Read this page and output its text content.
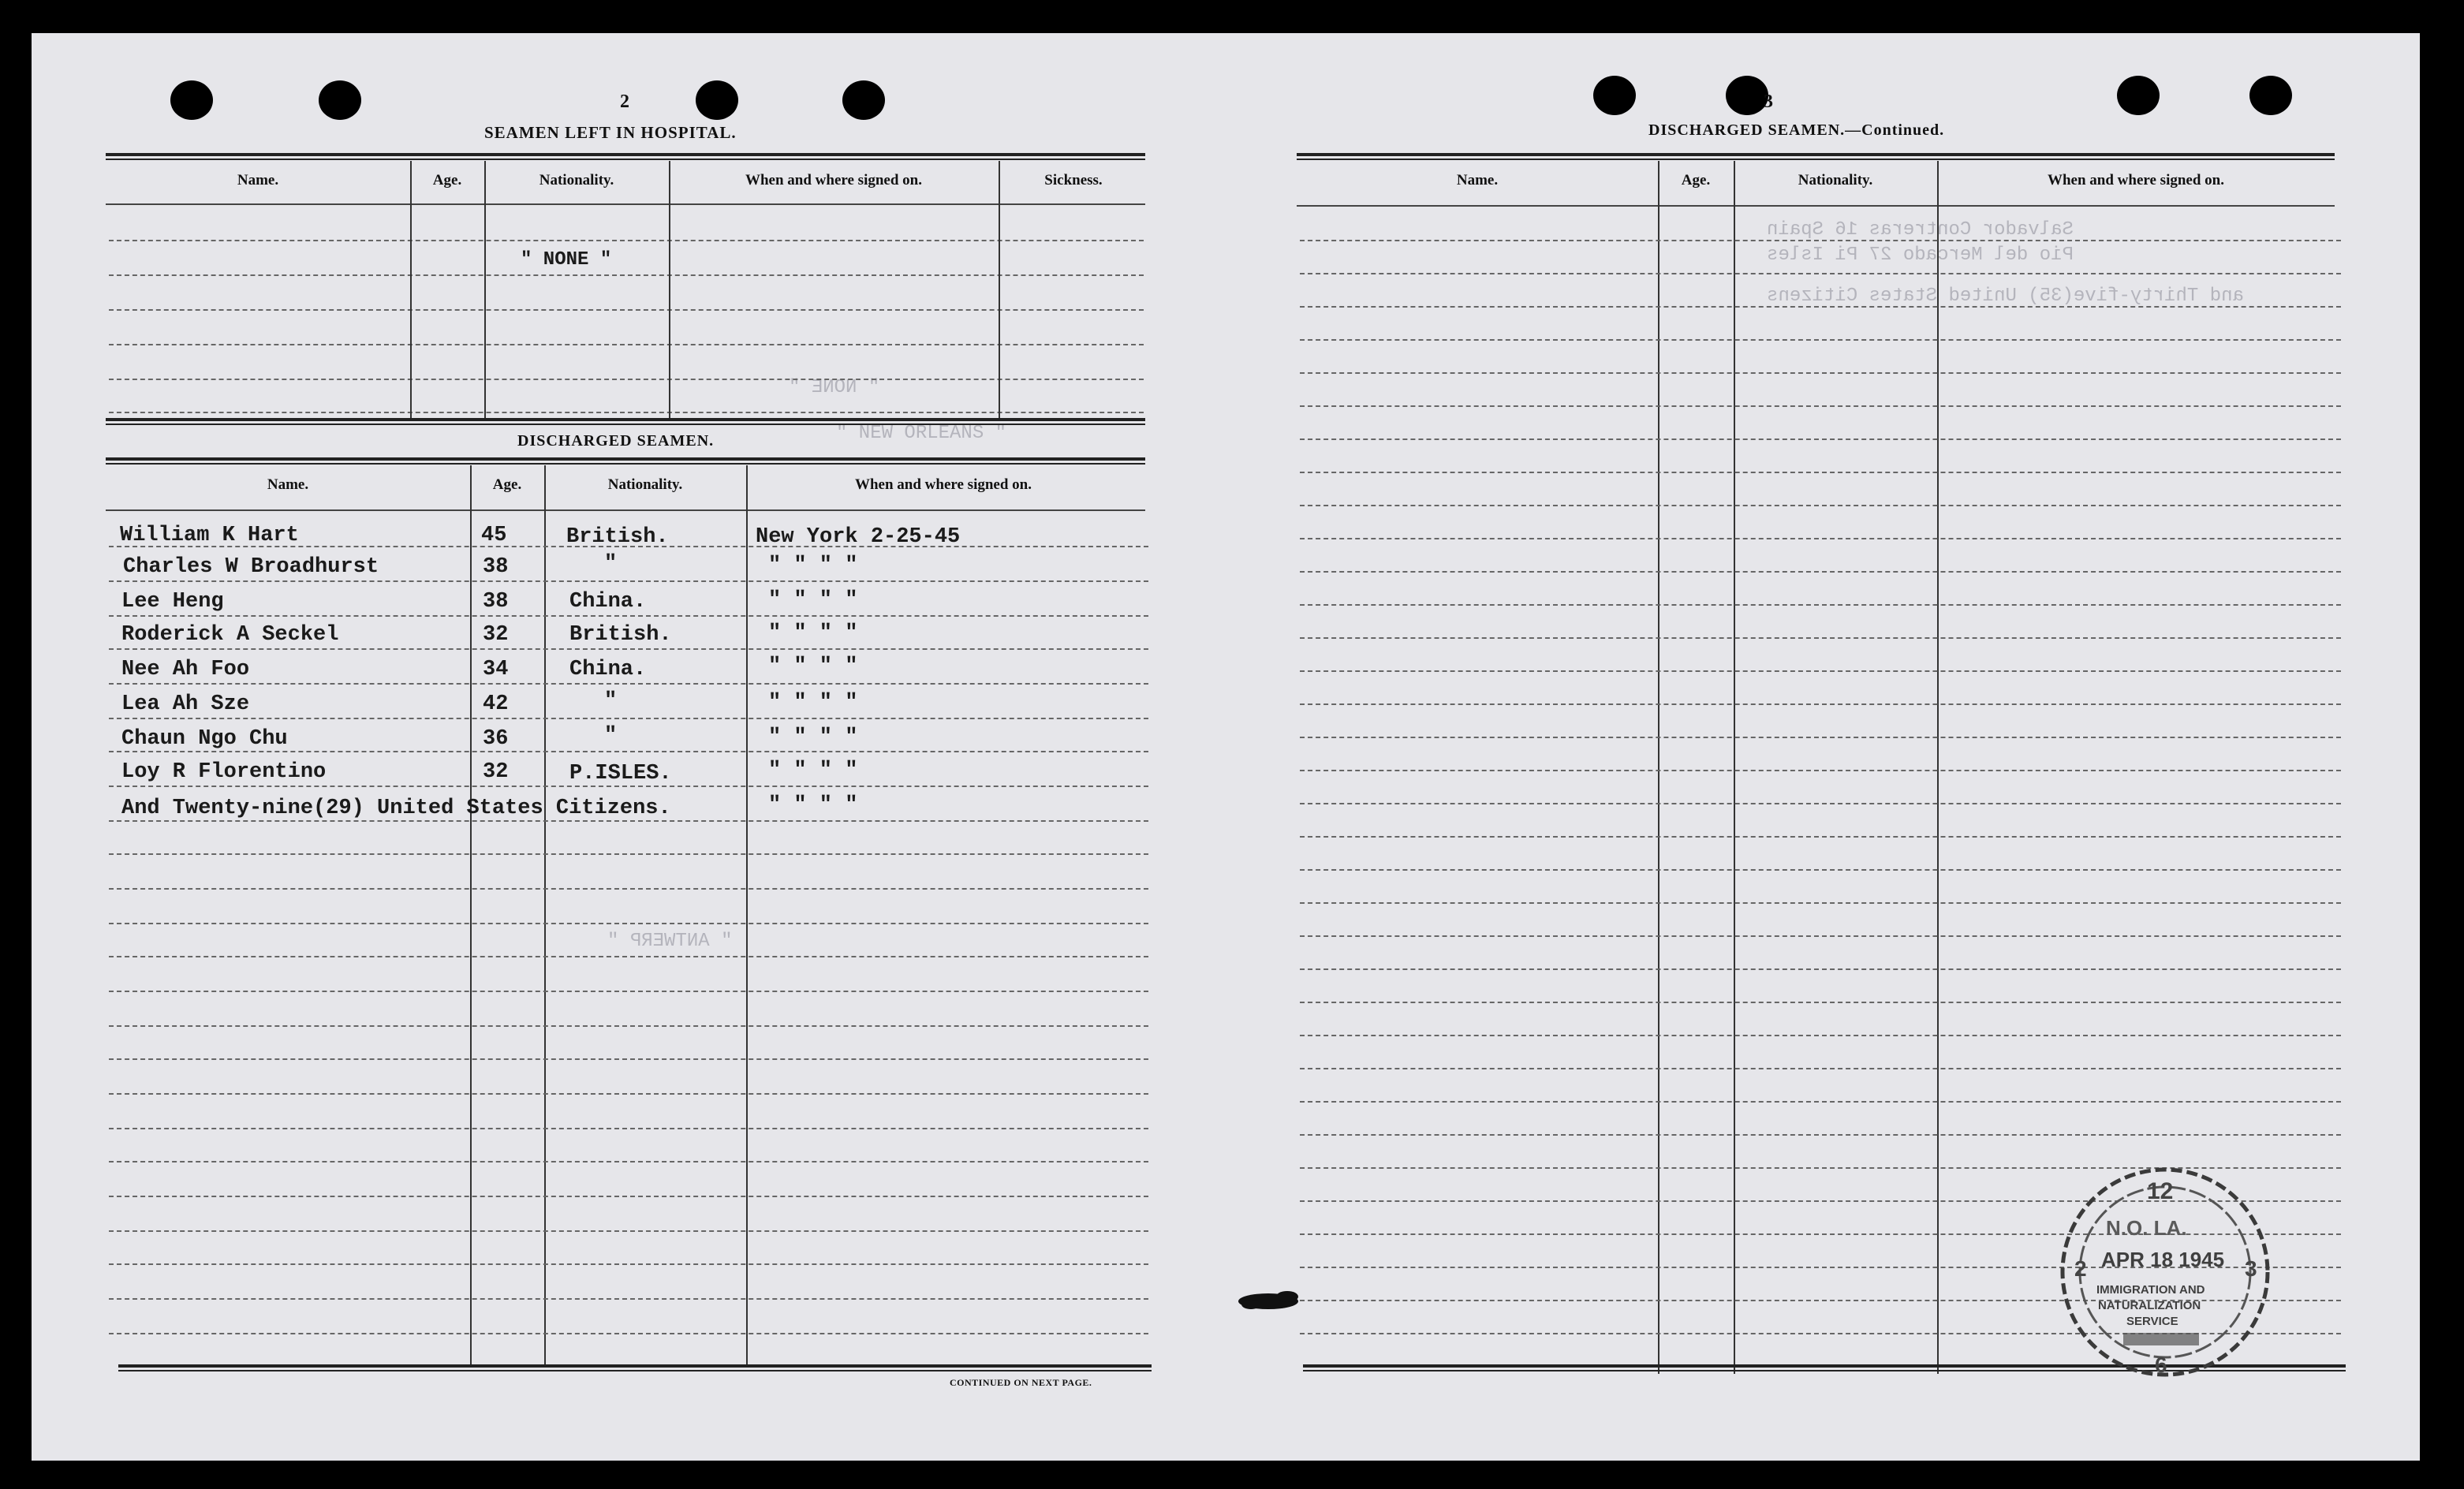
" NONE "
" NEW ORLEANS "
" ANTWERP "
Salvador Contreras 16 Spain
Pio del Mercado 27 Pi Isles
and Thirty-five(35) United States Citizens
2
SEAMEN LEFT IN HOSPITAL.
Name.	Age.	Nationality.	When and where signed on.	Sickness.
" NONE "
DISCHARGED SEAMEN.
Name.	Age.	Nationality.	When and where signed on.
CONTINUED ON NEXT PAGE.
William K Hart	45	British.	New York 2-25-45
Charles W Broadhurst	38	"	" " " "
Lee Heng	38	China.	" " " "
Roderick A Seckel	32	British.	" " " "
Nee Ah Foo	34	China.	" " " "
Lea Ah Sze	42	"	" " " "
Chaun Ngo Chu	36	"	" " " "
Loy R Florentino	32	P.ISLES.	" " " "
And Twenty-nine(29) United States Citizens.	" " " "
3
DISCHARGED SEAMEN.—Continued.
Name.	Age.	Nationality.	When and where signed on.
12
N.O. LA.
APR 18 1945
IMMIGRATION AND
NATURALIZATION
SERVICE
2	3
6
